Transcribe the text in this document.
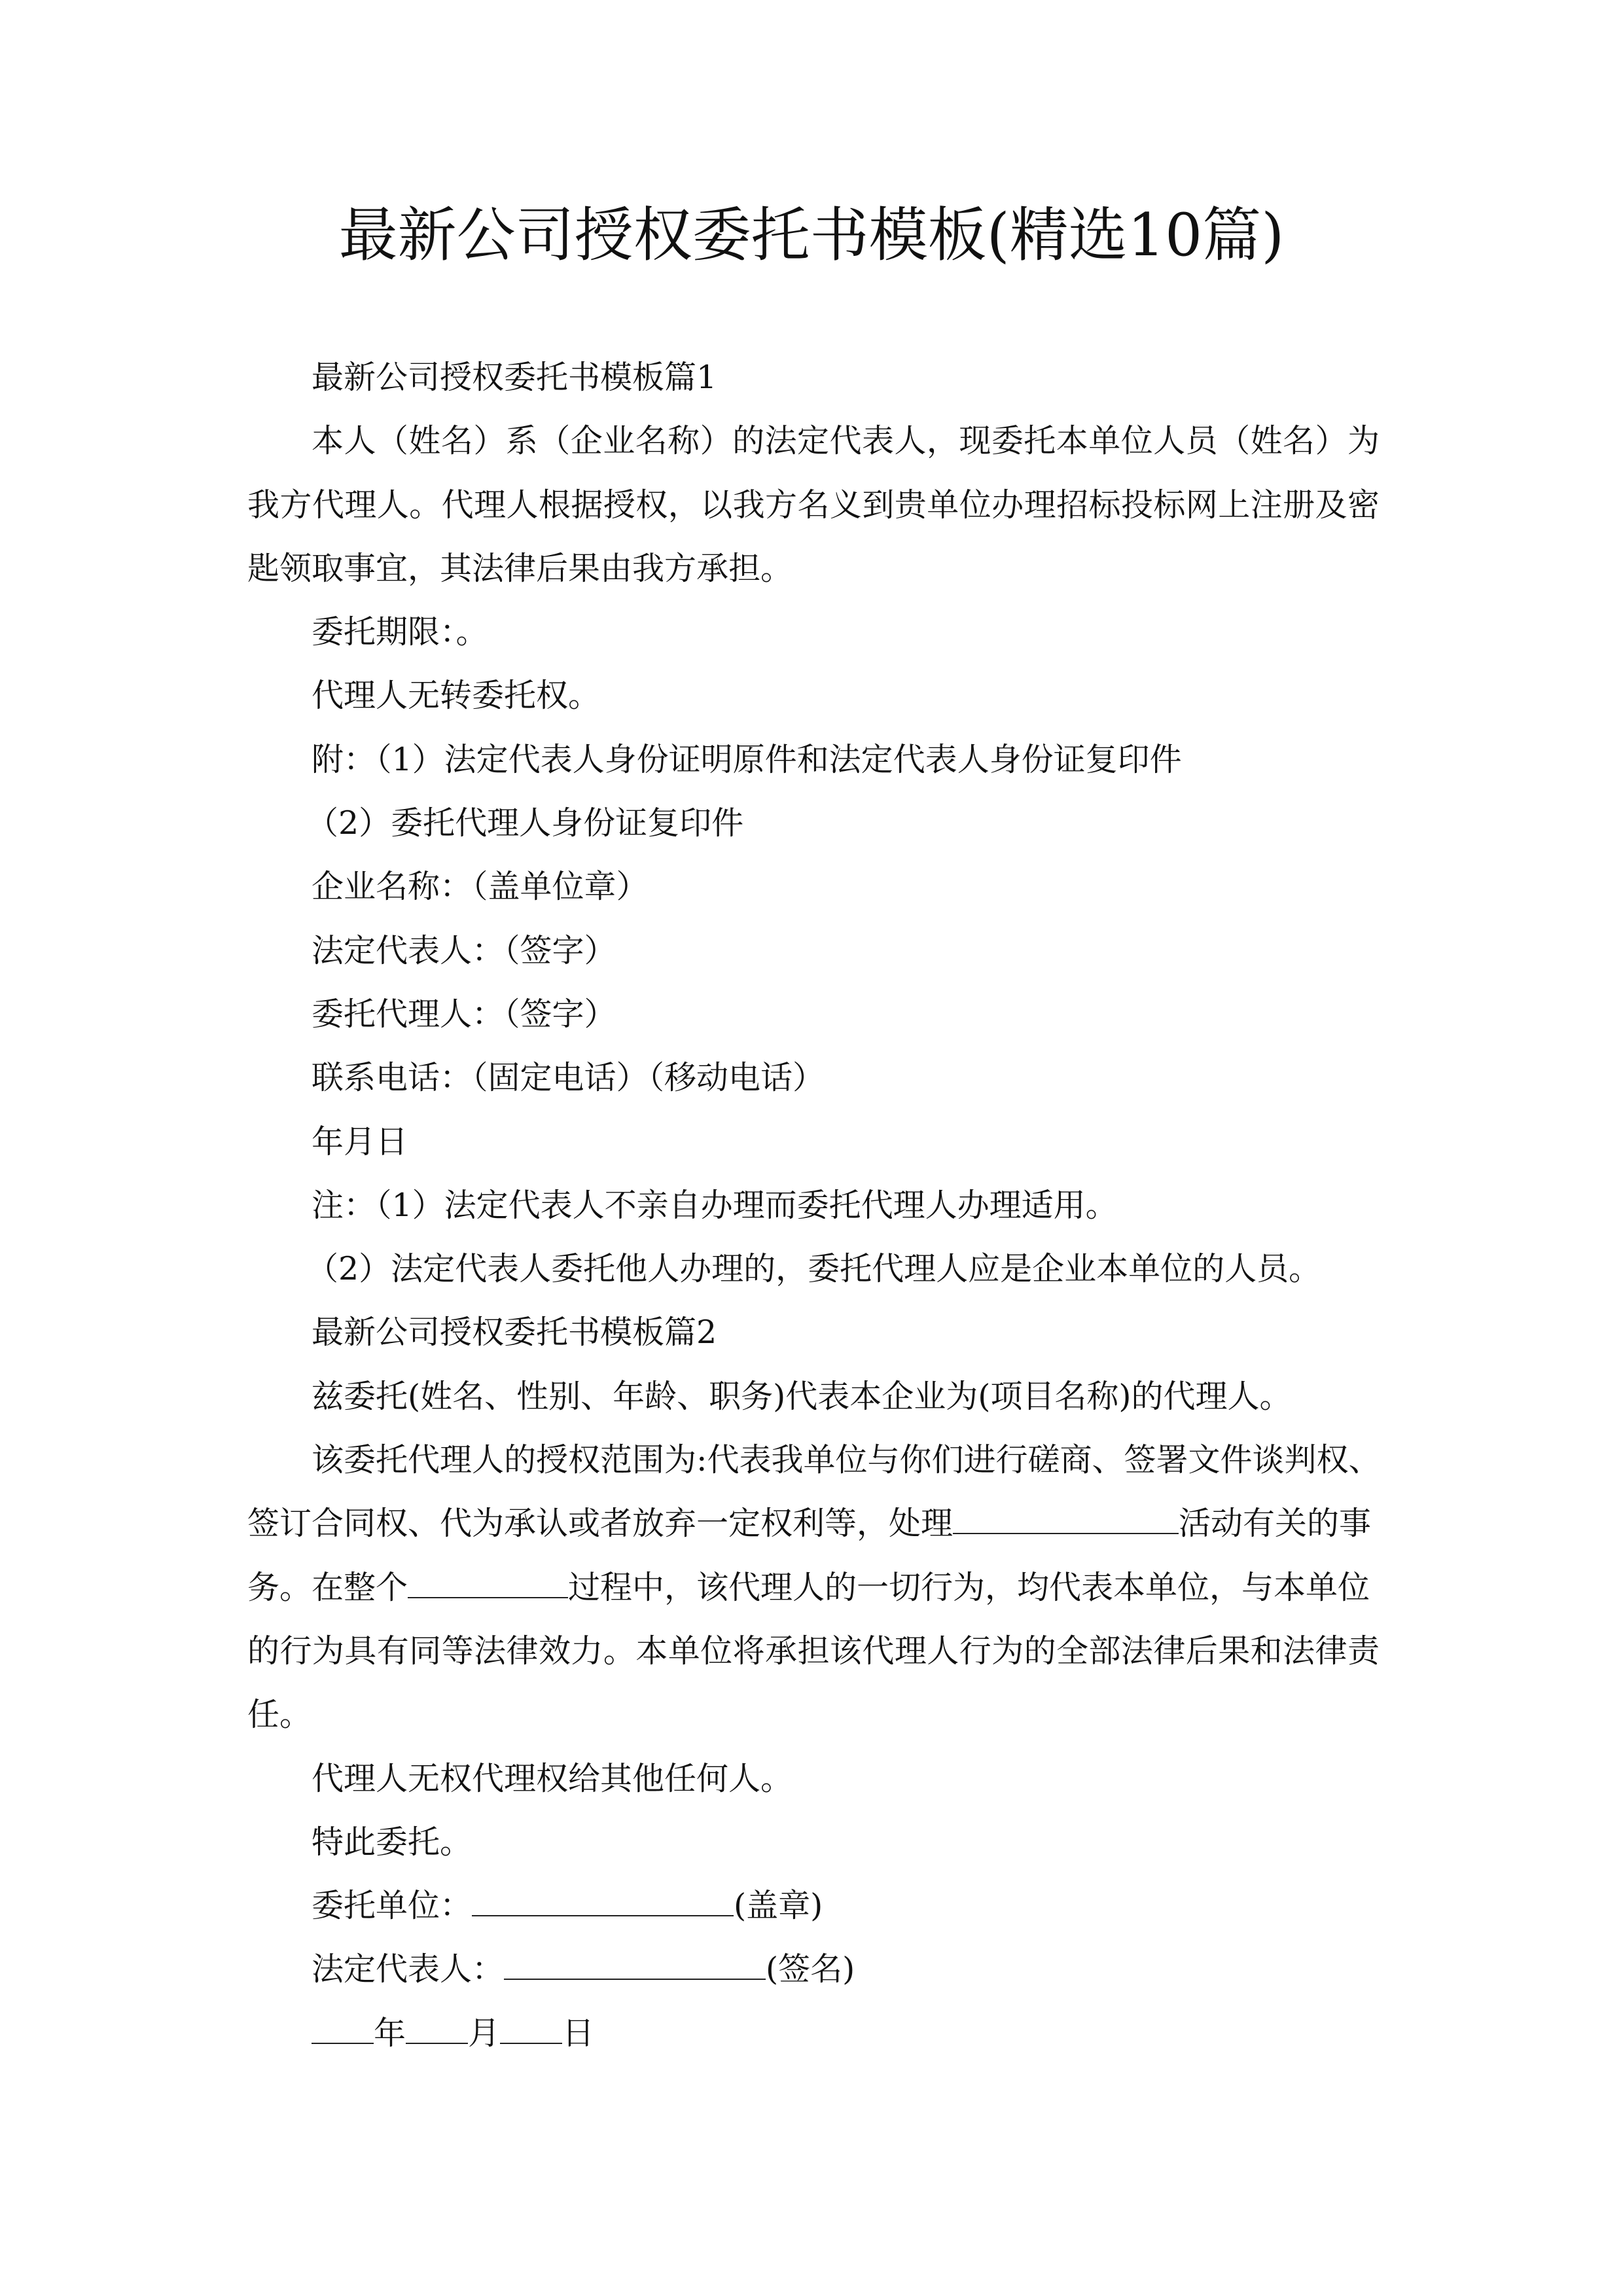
最新公司授权委托书模板(精选10篇)
最新公司授权委托书模板篇1
本人（姓名）系（企业名称）的法定代表人，现委托本单位人员（姓名）为
我方代理人。代理人根据授权，以我方名义到贵单位办理招标投标网上注册及密
匙领取事宜，其法律后果由我方承担。
委托期限：。
代理人无转委托权。
附：（1）法定代表人身份证明原件和法定代表人身份证复印件
（2）委托代理人身份证复印件
企业名称：（盖单位章）
法定代表人：（签字）
委托代理人：（签字）
联系电话：（固定电话）（移动电话）
年月日
注：（1）法定代表人不亲自办理而委托代理人办理适用。
（2）法定代表人委托他人办理的，委托代理人应是企业本单位的人员。
最新公司授权委托书模板篇2
兹委托(姓名、性别、年龄、职务)代表本企业为(项目名称)的代理人。
该委托代理人的授权范围为:代表我单位与你们进行磋商、签署文件谈判权、
签订合同权、代为承认或者放弃一定权利等，处理	活动有关的事
务。在整个	过程中，该代理人的一切行为，均代表本单位，与本单位
的行为具有同等法律效力。本单位将承担该代理人行为的全部法律后果和法律责
任。
代理人无权代理权给其他任何人。
特此委托。
委托单位：	(盖章)
法定代表人：	(签名)
年 月 日
